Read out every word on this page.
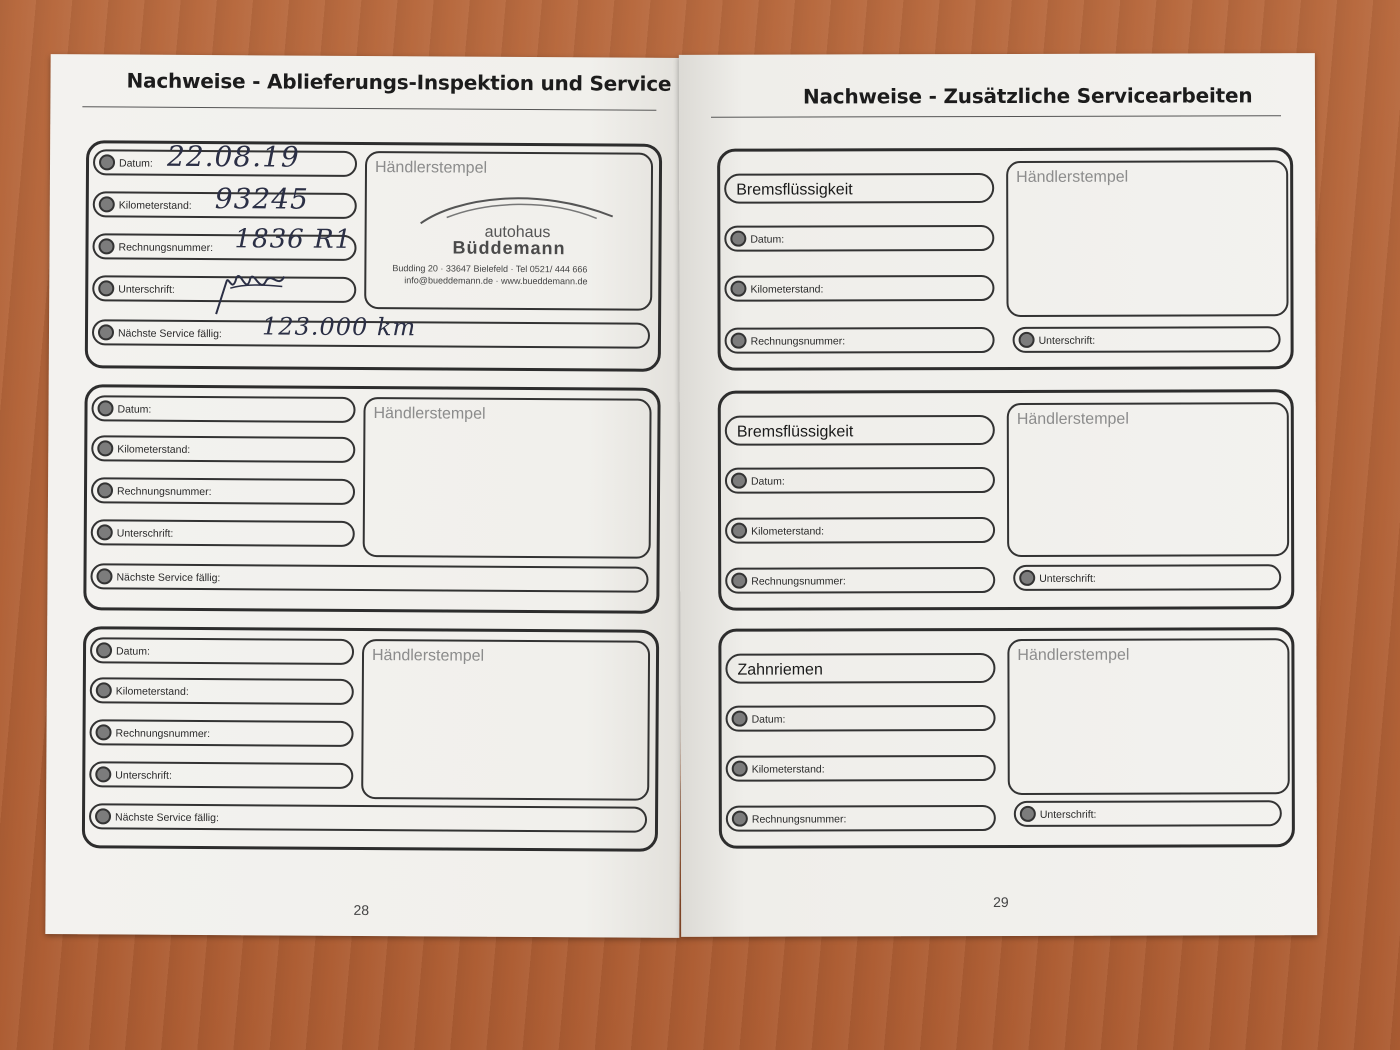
Nachweise - Ablieferungs-Inspektion und Service
Datum:
Kilometerstand:
Rechnungsnummer:
Unterschrift:
Nächste Service fällig:
Händlerstempel
autohaus
Büddemann
Budding 20 · 33647 Bielefeld · Tel 0521/ 444 666
info@bueddemann.de · www.bueddemann.de
22.08.19
93245
1836 R1
123.000 km
Datum:
Kilometerstand:
Rechnungsnummer:
Unterschrift:
Nächste Service fällig:
Händlerstempel
Datum:
Kilometerstand:
Rechnungsnummer:
Unterschrift:
Nächste Service fällig:
Händlerstempel
28
Nachweise - Zusätzliche Servicearbeiten
Bremsflüssigkeit
Datum:
Kilometerstand:
Rechnungsnummer:
Händlerstempel
Unterschrift:
Bremsflüssigkeit
Datum:
Kilometerstand:
Rechnungsnummer:
Händlerstempel
Unterschrift:
Zahnriemen
Datum:
Kilometerstand:
Rechnungsnummer:
Händlerstempel
Unterschrift:
29
